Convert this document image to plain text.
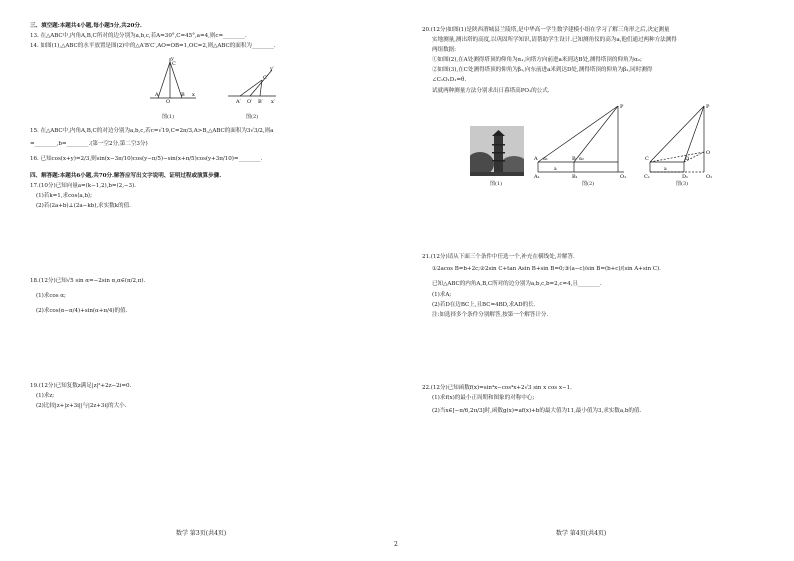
三、填空题:本题共4小题,每小题5分,共20分.
13. 在△ABC中,内角A,B,C所对的边分别为a,b,c,若A=30°,C=45°,a=4,则c=________.
14. 如图(1),△ABC的水平放置是图(2)中的△A′B′C′,AO=OB=1,OC=2,则△ABC的面积为________.
y
C
A
O
B x
图(1)
y′
C′
A′ O′ B′ x′
图(2)
15. 在△ABC中,内角A,B,C的对边分别为a,b,c,若c=√19,C=2π/3,A>B,△ABC的面积为3√3/2,则a
=________,b=________.(第一空2分,第二空3分)
16. 已知cos(x+y)=2/3,则sin(x−3π/10)cos(y−π/5)−sin(x+π/5)cos(y+3π/10)=________.
四、解答题:本题共6小题,共70分.解答应写出文字说明、证明过程或演算步骤.
17.(10分)已知向量a=(k−1,2),b=(2,−3).
(1)若k=1,求cos⟨a,b⟩;
(2)若(2a+b)⊥(2a−kb),求实数k的值.
18.(12分)已知√5 sin α=−2sin α,α∈(π/2,π).
(1)求cos α;
(2)求cos(α−π/4)+sin(α+π/4)的值.
19.(12分)已知复数z满足|z|²+2z−2i=0.
(1)求z;
(2)比较|z+|z+3i||与|2z+3i|的大小.
数学 第3页(共4页)
20.(12分)如图(1)是陕西渭城县兰陵塔,是中华高一学生数学建模小组在学习了解三角形之后,决定测量
实地测量,测出塔的高度,以巩固所学知识,请帮助学生设计.已知测角仪的高为a,他们通过两种方法测得
两组数据:
①如图(2),在A处测得塔顶的仰角为α₁,向塔方向前进a米到达B处,测得塔顶的仰角为α₂;
②如图(3),在C处测得塔顶的仰角为β₁,向东前进a米到达D处,测得塔顶的仰角为β₂,同时测得
∠C₁O₁D₁=θ.
试就两种测量方法分别求出日暮塔高PO₁的公式.
图(1)
P
A	B
O₁
A₁	B₁
α₁	α₂
a
图(2)
P
O
C	D
C₁	O₁
D₁
a
图(3)
21.(12分)请从下面三个条件中任选一个,补充在横线处,并解答.
①2acos B=b+2c;②2sin C+tan Asin B+sin B=0;③(a−c)/sin B=(b+c)/(sin A+sin C).
已知△ABC的内角A,B,C所对的边分别为a,b,c,b=2,c=4,且________.
(1)求A;
(2)若D在边BC上,且BC=4BD,求AD的长.
注:如选择多个条件分别解答,按第一个解答计分.
22.(12分)已知函数f(x)=sin⁴x−cos⁴x+2√3 sin x cos x−1.
(1)求f(x)的最小正周期和图象的对称中心;
(2)当x∈[−π/6,2π/3]时,函数g(x)=af(x)+b的最大值为11,最小值为3,求实数a,b的值.
数学 第4页(共4页)
2
